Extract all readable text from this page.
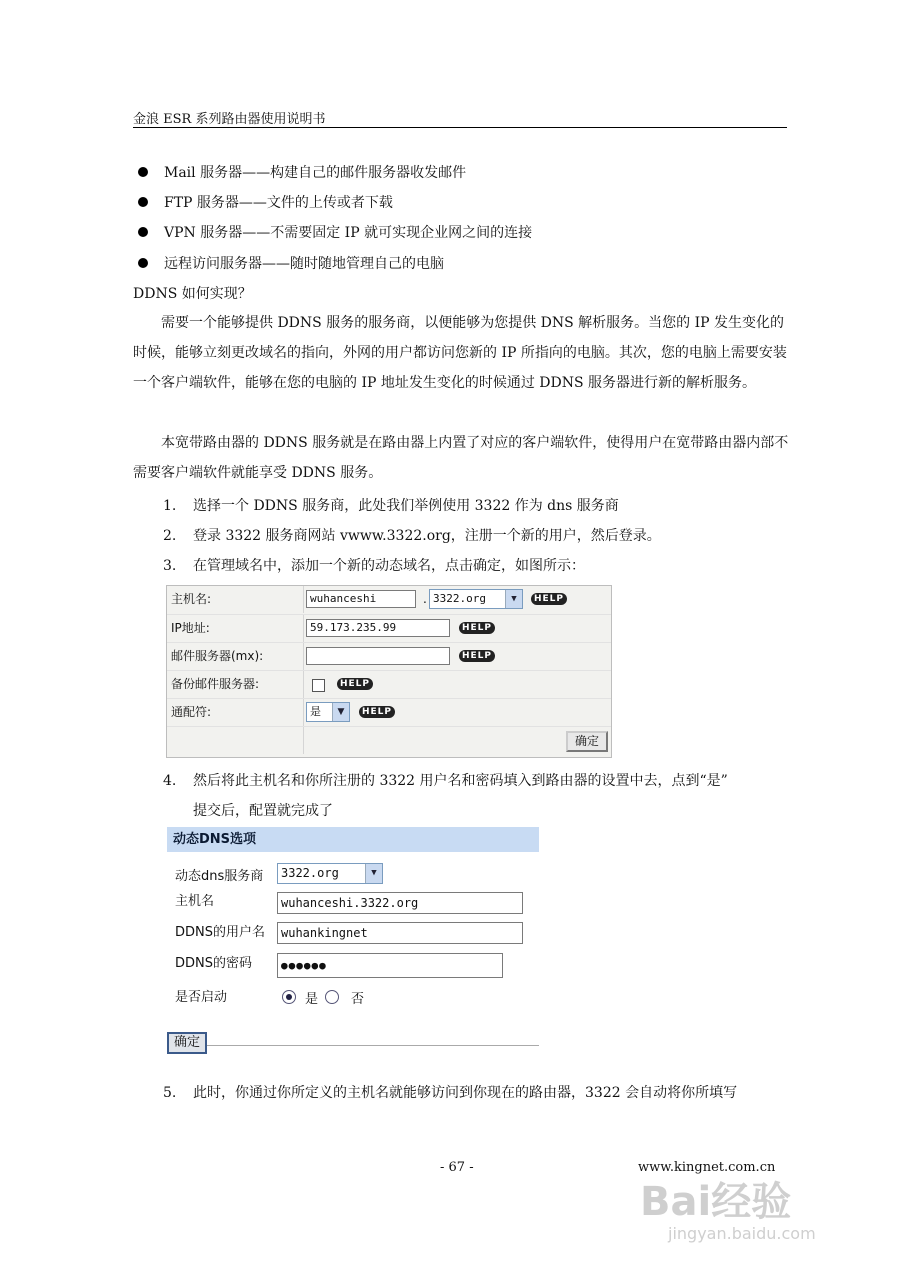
金浪 ESR 系列路由器使用说明书
Mail 服务器——构建自己的邮件服务器收发邮件
FTP 服务器——文件的上传或者下载
VPN 服务器——不需要固定 IP 就可实现企业网之间的连接
远程访问服务器——随时随地管理自己的电脑
DDNS 如何实现？
需要一个能够提供 DDNS 服务的服务商，以便能够为您提供 DNS 解析服务。当您的 IP 发生变化的时候，能够立刻更改域名的指向，外网的用户都访问您新的 IP 所指向的电脑。其次，您的电脑上需要安装一个客户端软件，能够在您的电脑的 IP 地址发生变化的时候通过 DDNS 服务器进行新的解析服务。
本宽带路由器的 DDNS 服务就是在路由器上内置了对应的客户端软件，使得用户在宽带路由器内部不需要客户端软件就能享受 DDNS 服务。
1. 选择一个 DDNS 服务商，此处我们举例使用 3322 作为 dns 服务商
2. 登录 3322 服务商网站 vwww.3322.org，注册一个新的用户，然后登录。
3. 在管理域名中，添加一个新的动态域名，点击确定，如图所示：
主机名:	wuhanceshi	. 3322.org	▼	HELP
IP地址:	59.173.235.99	HELP
邮件服务器(mx):	HELP
备份邮件服务器:	HELP
通配符:	是	▼	HELP
确定
4. 然后将此主机名和你所注册的 3322 用户名和密码填入到路由器的设置中去，点到“是”
提交后，配置就完成了
动态DNS选项
动态dns服务商	3322.org	▼
主机名	wuhanceshi.3322.org
DDNS的用户名	wuhankingnet
DDNS的密码	●●●●●●
是否启动	是	否
确定
5. 此时，你通过你所定义的主机名就能够访问到你现在的路由器，3322 会自动将你所填写
- 67 -	www.kingnet.com.cn
Bai经验
jingyan.baidu.com
